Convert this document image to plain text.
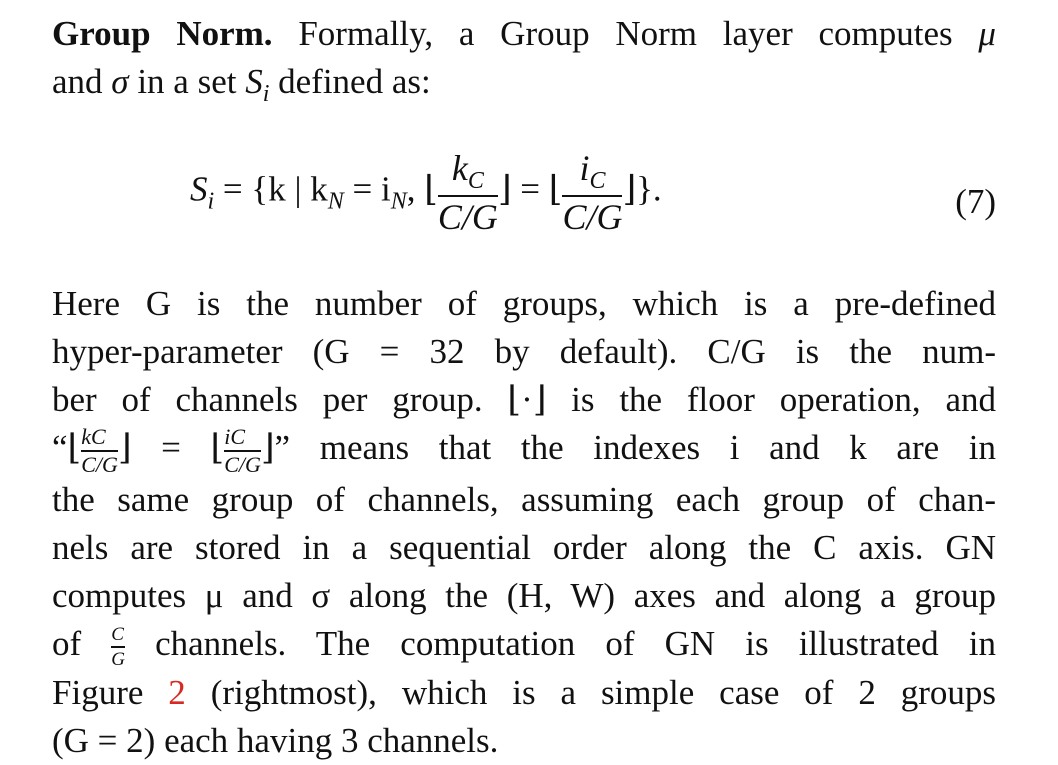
Group Norm. Formally, a Group Norm layer computes μ
and σ in a set $S_i$ defined as:
$S_i = \{k$ | $k_N = i_N$, ⌊ $\frac{k_C}{C/G}$ ⌋ = ⌊ $\frac{i_C}{C/G}$ ⌋}.	(7)
Here G is the number of groups, which is a pre-defined
hyper-parameter (G = 32 by default). C/G is the num-
ber of channels per group. ⌊·⌋ is the floor operation, and
“⌊ $\frac{kC}{C/G}$ ⌋ = ⌊ $\frac{iC}{C/G}$ ⌋” means that the indexes i and k are in
the same group of channels, assuming each group of chan-
nels are stored in a sequential order along the C axis. GN
computes μ and σ along the (H, W) axes and along a group
of $\frac{C}{G}$ channels. The computation of GN is illustrated in
Figure 2 (rightmost), which is a simple case of 2 groups
(G = 2) each having 3 channels.
